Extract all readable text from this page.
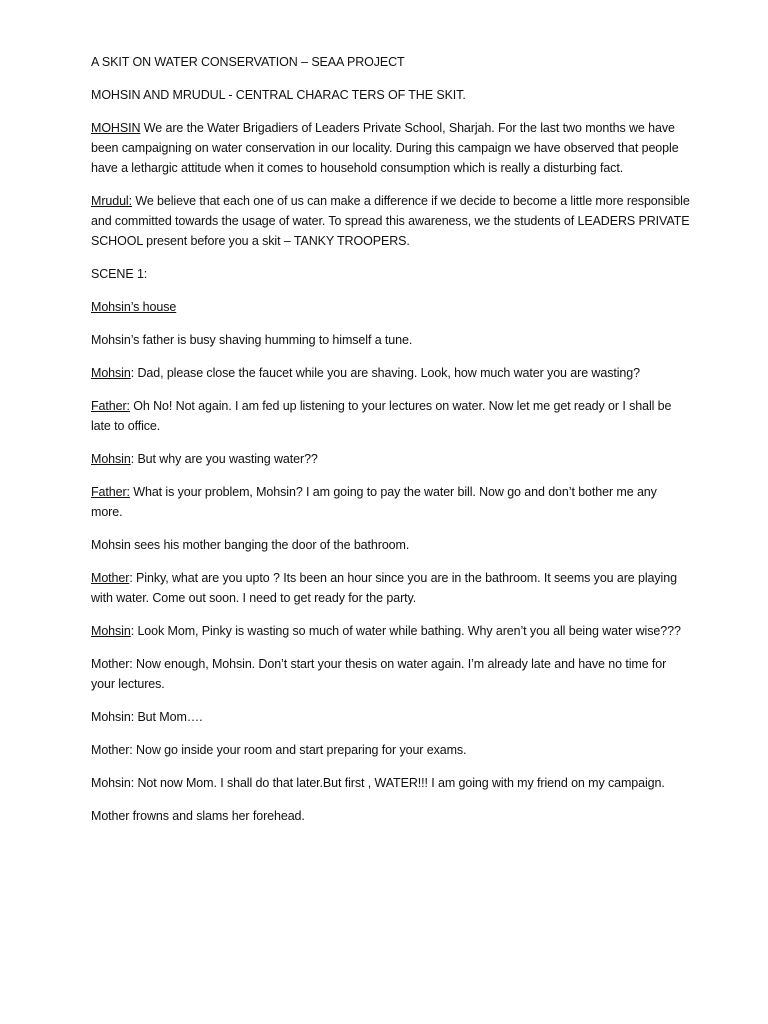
A SKIT ON WATER CONSERVATION – SEAA PROJECT

MOHSIN AND MRUDUL - CENTRAL CHARAC TERS OF THE SKIT.

MOHSIN We are the Water Brigadiers of Leaders Private School, Sharjah. For the last two months we have been campaigning on water conservation in our locality. During this campaign we have observed that people have a lethargic attitude when it comes to household consumption which is really a disturbing fact.

Mrudul: We believe that each one of us can make a difference if we decide to become a little more responsible and committed towards the usage of water. To spread this awareness, we the students of LEADERS PRIVATE SCHOOL present before you a skit – TANKY TROOPERS.

SCENE 1:

Mohsin’s house

Mohsin’s father is busy shaving humming to himself a tune.

Mohsin: Dad, please close the faucet while you are shaving. Look, how much water you are wasting?

Father: Oh No! Not again. I am fed up listening to your lectures on water. Now let me get ready or I shall be late to office.

Mohsin: But why are you wasting water??

Father: What is your problem, Mohsin? I am going to pay the water bill. Now go and don’t bother me any more.

Mohsin sees his mother banging the door of the bathroom.

Mother: Pinky, what are you upto ? Its been an hour since you are in the bathroom. It seems you are playing with water. Come out soon. I need to get ready for the party.

Mohsin: Look Mom, Pinky is wasting so much of water while bathing. Why aren’t you all being water wise???

Mother: Now enough, Mohsin. Don’t start your thesis on water again. I’m already late and have no time for your lectures.

Mohsin: But Mom….

Mother: Now go inside your room and start preparing for your exams.

Mohsin: Not now Mom. I shall do that later.But first , WATER!!! I am going with my friend on my campaign.

Mother frowns and slams her forehead.
